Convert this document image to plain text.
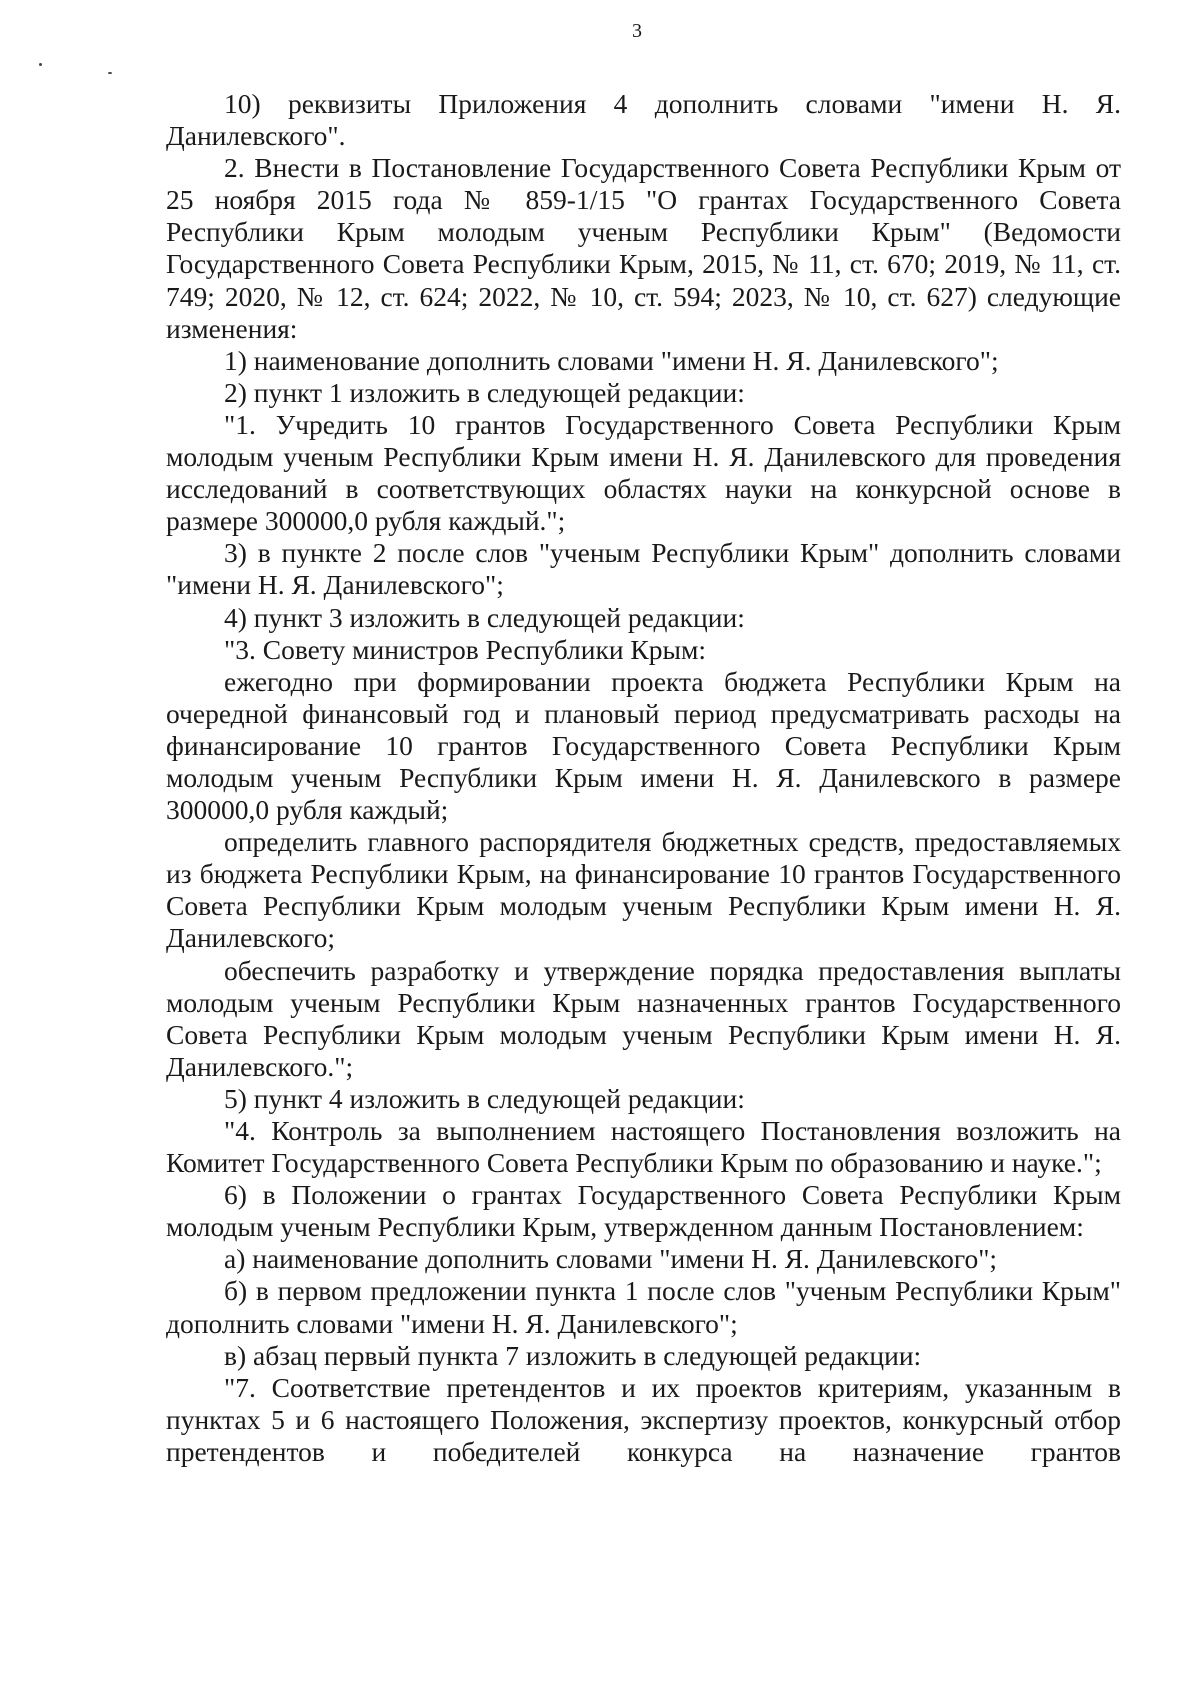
3

10) реквизиты Приложения 4 дополнить словами "имени Н. Я. Данилевского".

2. Внести в Постановление Государственного Совета Республики Крым от 25 ноября 2015 года № 859-1/15 "О грантах Государственного Совета Республики Крым молодым ученым Республики Крым" (Ведомости Государственного Совета Республики Крым, 2015, № 11, ст. 670; 2019, № 11, ст. 749; 2020, № 12, ст. 624; 2022, № 10, ст. 594; 2023, № 10, ст. 627) следующие изменения:

1) наименование дополнить словами "имени Н. Я. Данилевского";

2) пункт 1 изложить в следующей редакции:

"1. Учредить 10 грантов Государственного Совета Республики Крым молодым ученым Республики Крым имени Н. Я. Данилевского для проведения исследований в соответствующих областях науки на конкурсной основе в размере 300000,0 рубля каждый.";

3) в пункте 2 после слов "ученым Республики Крым" дополнить словами "имени Н. Я. Данилевского";

4) пункт 3 изложить в следующей редакции:

"3. Совету министров Республики Крым:

ежегодно при формировании проекта бюджета Республики Крым на очередной финансовый год и плановый период предусматривать расходы на финансирование 10 грантов Государственного Совета Республики Крым молодым ученым Республики Крым имени Н. Я. Данилевского в размере 300000,0 рубля каждый;

определить главного распорядителя бюджетных средств, предоставляемых из бюджета Республики Крым, на финансирование 10 грантов Государственного Совета Республики Крым молодым ученым Республики Крым имени Н. Я. Данилевского;

обеспечить разработку и утверждение порядка предоставления выплаты молодым ученым Республики Крым назначенных грантов Государственного Совета Республики Крым молодым ученым Республики Крым имени Н. Я. Данилевского.";

5) пункт 4 изложить в следующей редакции:

"4. Контроль за выполнением настоящего Постановления возложить на Комитет Государственного Совета Республики Крым по образованию и науке.";

6) в Положении о грантах Государственного Совета Республики Крым молодым ученым Республики Крым, утвержденном данным Постановлением:

а) наименование дополнить словами "имени Н. Я. Данилевского";

б) в первом предложении пункта 1 после слов "ученым Республики Крым" дополнить словами "имени Н. Я. Данилевского";

в) абзац первый пункта 7 изложить в следующей редакции:

"7. Соответствие претендентов и их проектов критериям, указанным в пунктах 5 и 6 настоящего Положения, экспертизу проектов, конкурсный отбор претендентов и победителей конкурса на назначение грантов
